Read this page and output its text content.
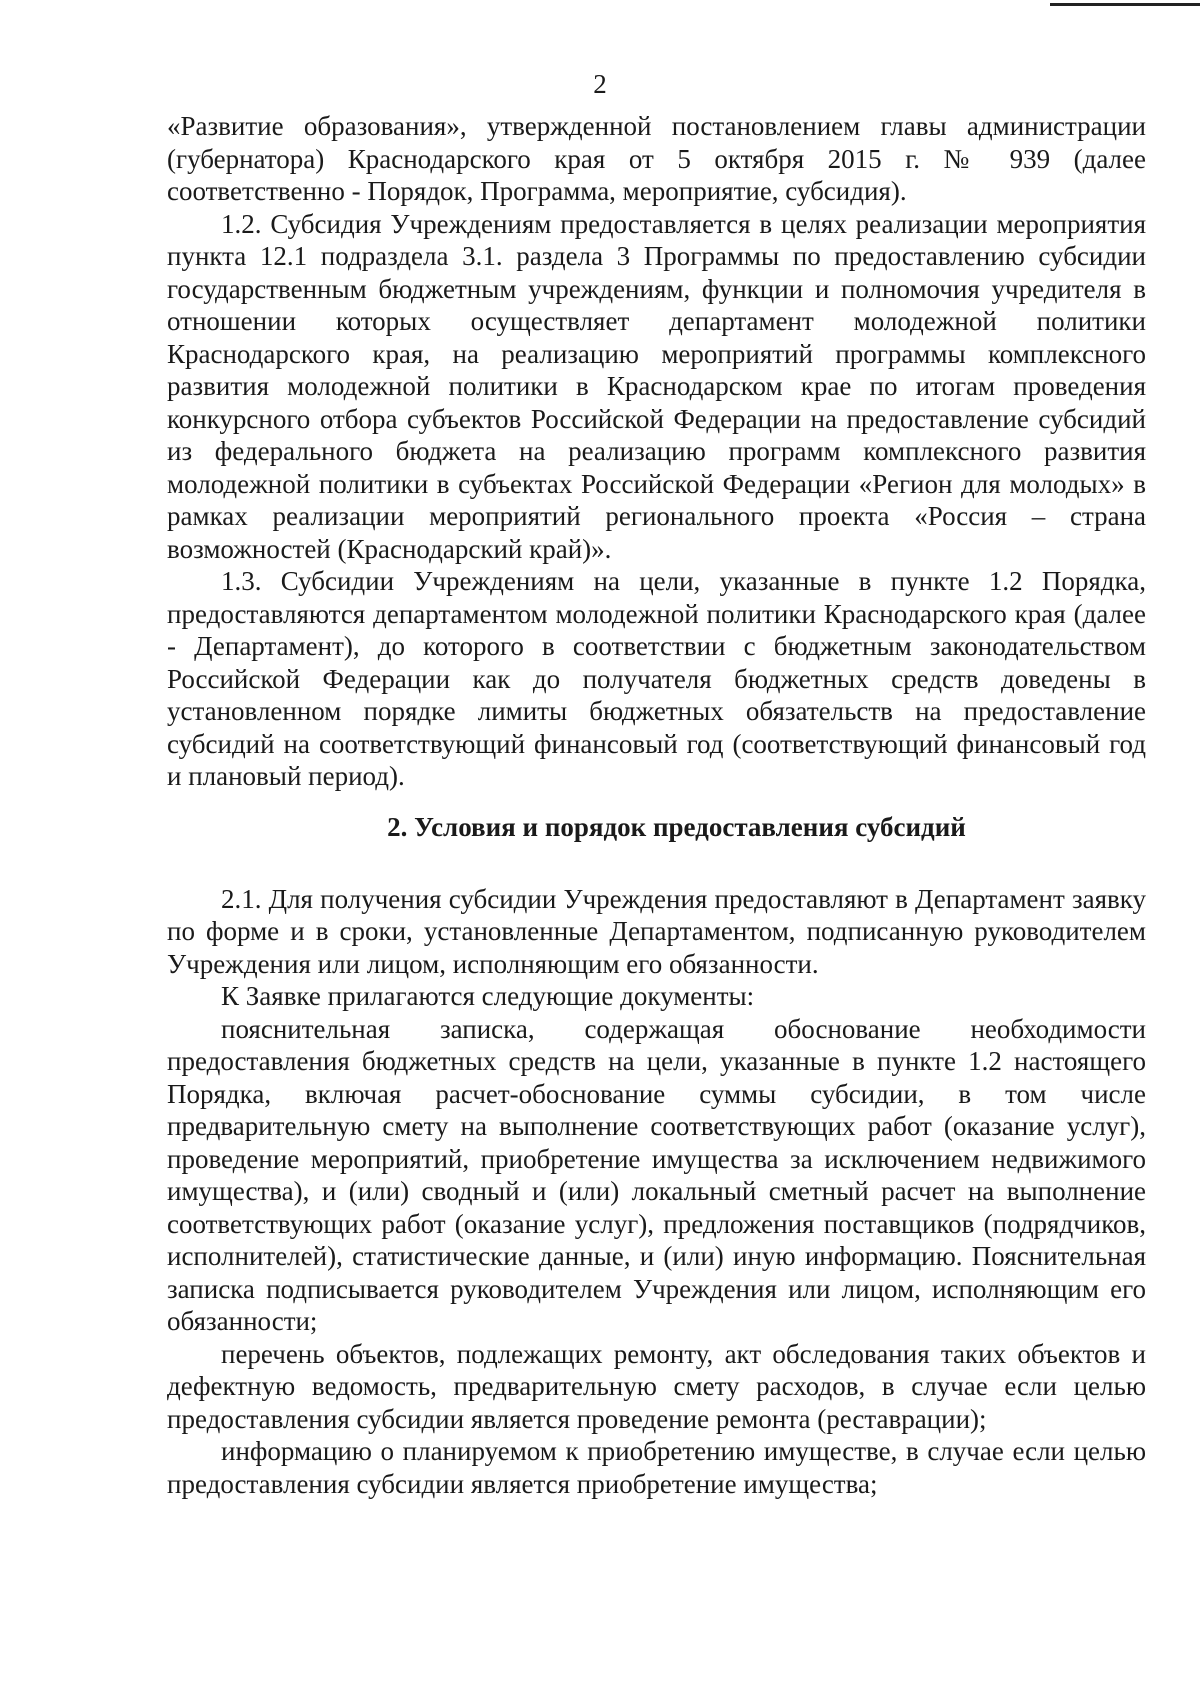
2

«Развитие образования», утвержденной постановлением главы администрации (губернатора) Краснодарского края от 5 октября 2015 г. № 939 (далее соответственно - Порядок, Программа, мероприятие, субсидия).

1.2. Субсидия Учреждениям предоставляется в целях реализации мероприятия пункта 12.1 подраздела 3.1. раздела 3 Программы по предоставлению субсидии государственным бюджетным учреждениям, функции и полномочия учредителя в отношении которых осуществляет департамент молодежной политики Краснодарского края, на реализацию мероприятий программы комплексного развития молодежной политики в Краснодарском крае по итогам проведения конкурсного отбора субъектов Российской Федерации на предоставление субсидий из федерального бюджета на реализацию программ комплексного развития молодежной политики в субъектах Российской Федерации «Регион для молодых» в рамках реализации мероприятий регионального проекта «Россия – страна возможностей (Краснодарский край)».

1.3. Субсидии Учреждениям на цели, указанные в пункте 1.2 Порядка, предоставляются департаментом молодежной политики Краснодарского края (далее - Департамент), до которого в соответствии с бюджетным законодательством Российской Федерации как до получателя бюджетных средств доведены в установленном порядке лимиты бюджетных обязательств на предоставление субсидий на соответствующий финансовый год (соответствующий финансовый год и плановый период).

2. Условия и порядок предоставления субсидий

2.1. Для получения субсидии Учреждения предоставляют в Департамент заявку по форме и в сроки, установленные Департаментом, подписанную руководителем Учреждения или лицом, исполняющим его обязанности.

К Заявке прилагаются следующие документы:

пояснительная записка, содержащая обоснование необходимости предоставления бюджетных средств на цели, указанные в пункте 1.2 настоящего Порядка, включая расчет-обоснование суммы субсидии, в том числе предварительную смету на выполнение соответствующих работ (оказание услуг), проведение мероприятий, приобретение имущества за исключением недвижимого имущества), и (или) сводный и (или) локальный сметный расчет на выполнение соответствующих работ (оказание услуг), предложения поставщиков (подрядчиков, исполнителей), статистические данные, и (или) иную информацию. Пояснительная записка подписывается руководителем Учреждения или лицом, исполняющим его обязанности;

перечень объектов, подлежащих ремонту, акт обследования таких объектов и дефектную ведомость, предварительную смету расходов, в случае если целью предоставления субсидии является проведение ремонта (реставрации);

информацию о планируемом к приобретению имуществе, в случае если целью предоставления субсидии является приобретение имущества;
